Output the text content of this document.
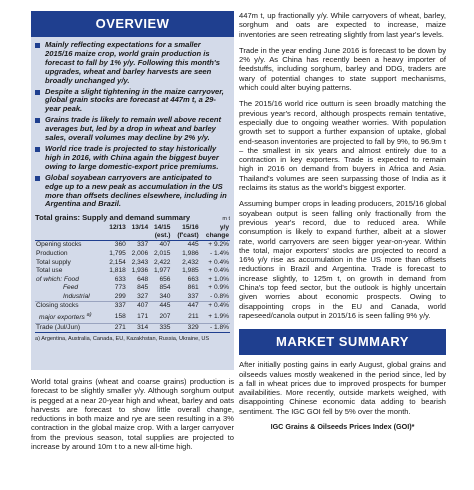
OVERVIEW
Mainly reflecting expectations for a smaller 2015/16 maize crop, world grain production is forecast to fall by 1% y/y. Following this month's upgrades, wheat and barley harvests are seen broadly unchanged y/y.
Despite a slight tightening in the maize carryover, global grain stocks are forecast at 447m t, a 29-year peak.
Grains trade is likely to remain well above recent averages but, led by a drop in wheat and barley sales, overall volumes may decline by 2% y/y.
World rice trade is projected to stay historically high in 2016, with China again the biggest buyer owing to large domestic-export price premiums.
Global soyabean carryovers are anticipated to edge up to a new peak as accumulation in the US more than offsets declines elsewhere, including in Argentina and Brazil.
Total grains: Supply and demand summary	m t
	12/13	13/14	14/15	15/16	y/y
			(est.)	(f'cast)	change
Opening stocks	360	337	407	445	+ 9.2%
Production	1,795	2,006	2,015	1,986	- 1.4%
Total supply	2,154	2,343	2,422	2,432	+ 0.4%
Total use	1,818	1,936	1,977	1,985	+ 0.4%
of which: Food	633	648	656	663	+ 1.0%
Feed	773	845	854	861	+ 0.9%
Industrial	299	327	340	337	- 0.8%
Closing stocks	337	407	445	447	+ 0.4%
major exporters $^{a)}$	158	171	207	211	+ 1.9%
Trade (Jul/Jun)	271	314	335	329	- 1.8%
a) Argentina, Australia, Canada, EU, Kazakhstan, Russia, Ukraine, US
World total grains (wheat and coarse grains) production is forecast to be slightly smaller y/y. Although sorghum output is pegged at a near 20-year high and wheat, barley and oats harvests are forecast to show little overall change, reductions in both maize and rye are seen resulting in a 3% contraction in the global maize crop. With a larger carryover from the previous season, total supplies are projected to increase by around 10m t to a new all-time high.

447m t, up fractionally y/y. While carryovers of wheat, barley, sorghum and oats are expected to increase, maize inventories are seen retreating slightly from last year's levels.

Trade in the year ending June 2016 is forecast to be down by 2% y/y. As China has recently been a heavy importer of feedstuffs, including sorghum, barley and DDG, traders are wary of potential changes to state support mechanisms, which could alter buying patterns.

The 2015/16 world rice outturn is seen broadly matching the previous year's record, although prospects remain tentative, especially due to ongoing weather worries. With population growth set to support a further expansion of uptake, global end-season inventories are projected to fall by 9%, to 96.9m t – the smallest in six years and almost entirely due to a contraction in key exporters. Trade is expected to remain high in 2016 on demand from buyers in Africa and Asia. Thailand's volumes are seen surpassing those of India as it reclaims its status as the world's biggest exporter.

Assuming bumper crops in leading producers, 2015/16 global soyabean output is seen falling only fractionally from the previous year's record, due to reduced area. While consumption is likely to expand further, albeit at a slower rate, world carryovers are seen bigger year-on-year. Within the total, major exporters' stocks are projected to record a 16% y/y rise as accumulation in the US more than offsets reductions in Brazil and Argentina. Trade is forecast to increase slightly, to 125m t, on growth in demand from China's top feed sector, but the outlook is highly uncertain given worries about economic prospects. Owing to disappointing crops in the EU and Canada, world rapeseed/canola output in 2015/16 is seen falling 9% y/y.

MARKET SUMMARY
After initially posting gains in early August, global grains and oilseeds values mostly weakened in the period since, led by a fall in wheat prices due to improved prospects for bumper availabilities. More recently, outside markets weighed, with disappointing Chinese economic data adding to bearish sentiment. The IGC GOI fell by 5% over the month.
IGC Grains & Oilseeds Prices Index (GOI)*
